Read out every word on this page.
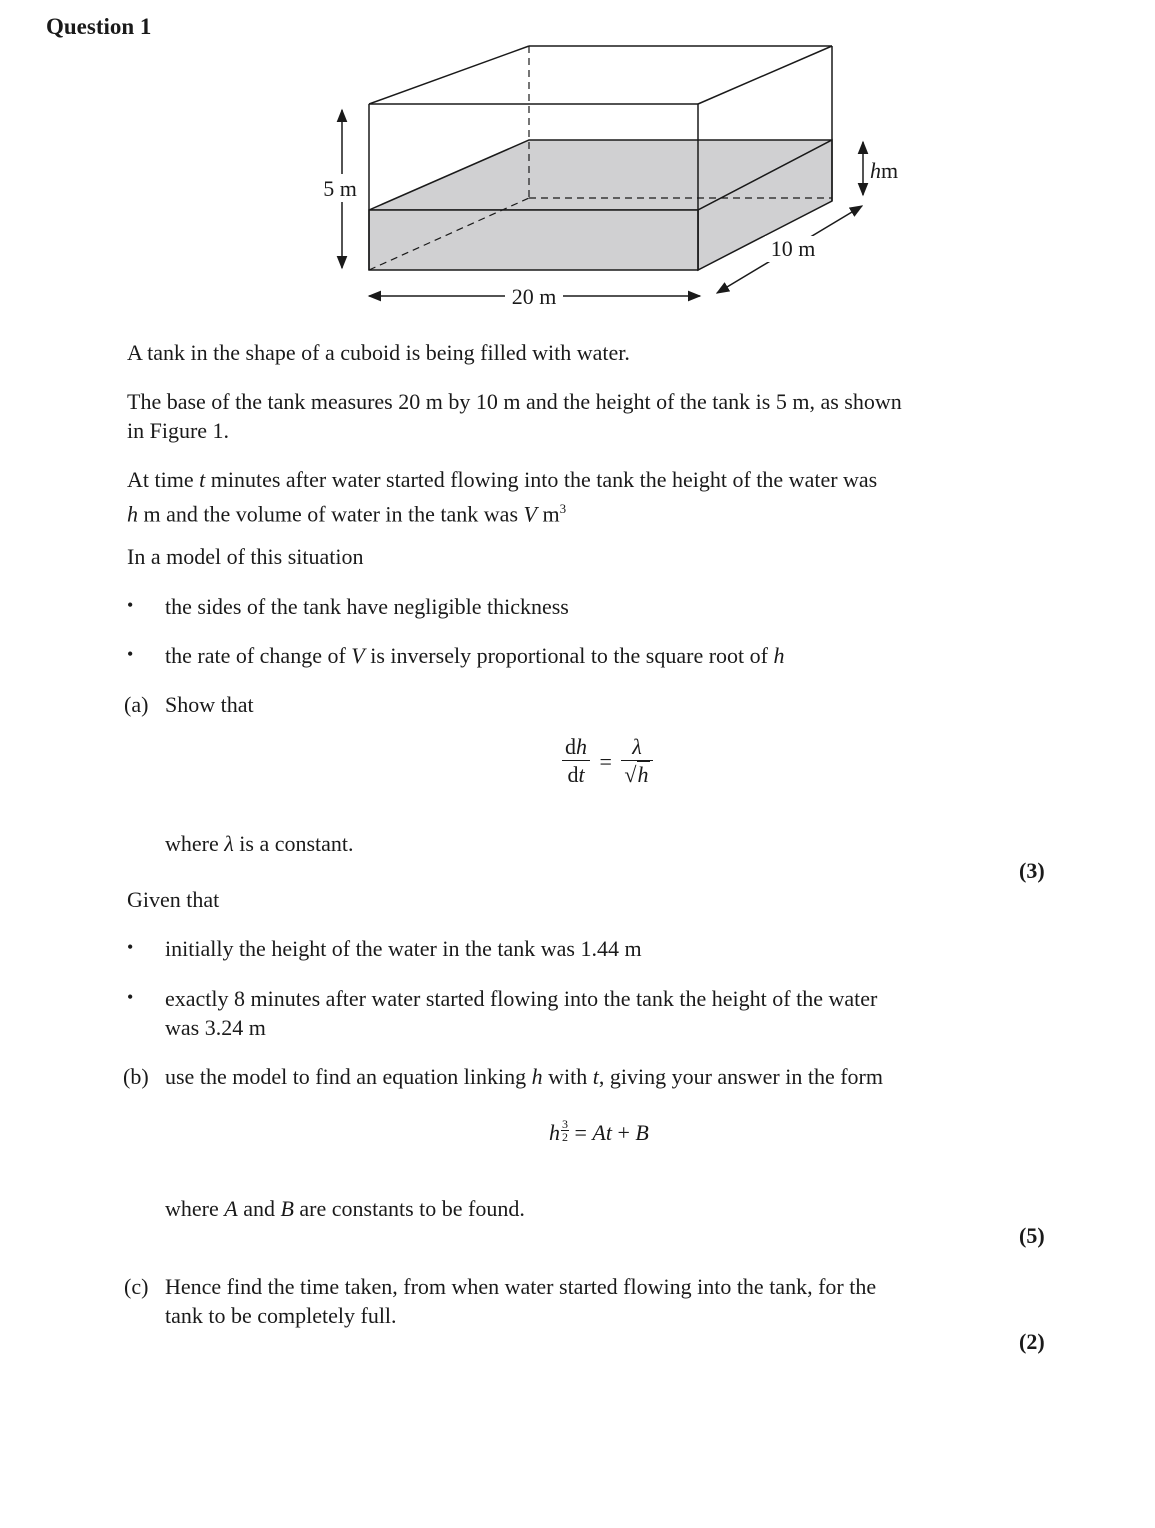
Question 1
5 m
20 m
10 m
hm
A tank in the shape of a cuboid is being filled with water.
The base of the tank measures 20 m by 10 m and the height of the tank is 5 m, as shown
in Figure 1.
At time t minutes after water started flowing into the tank the height of the water was
h m and the volume of water in the tank was V $m^3$
In a model of this situation
• the sides of the tank have negligible thickness
• the rate of change of V is inversely proportional to the square root of h
(a) Show that
$\frac{dh}{dt} = \frac{\lambda}{√h}$
where λ is a constant.
(3)
Given that
• initially the height of the water in the tank was 1.44 m
• exactly 8 minutes after water started flowing into the tank the height of the water
was 3.24 m
(b) use the model to find an equation linking h with t, giving your answer in the form
h $\frac{3}{2} = At + B$
where A and B are constants to be found.
(5)
(c) Hence find the time taken, from when water started flowing into the tank, for the
tank to be completely full.
(2)
